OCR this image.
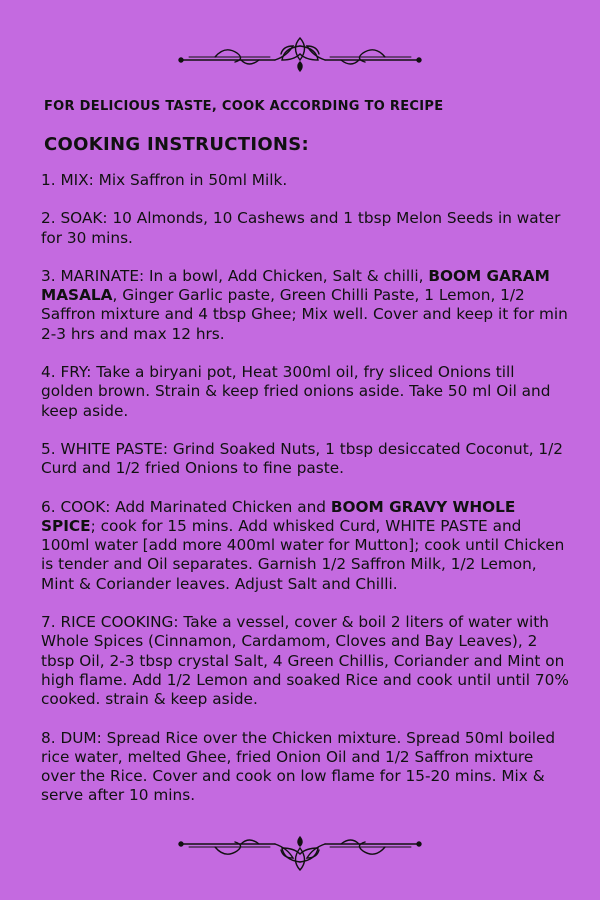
FOR DELICIOUS TASTE, COOK ACCORDING TO RECIPE
COOKING INSTRUCTIONS:

1. MIX: Mix Saffron in 50ml Milk.

2. SOAK: 10 Almonds, 10 Cashews and 1 tbsp Melon Seeds in water for 30 mins.

3. MARINATE: In a bowl, Add Chicken, Salt & chilli, BOOM GARAM MASALA, Ginger Garlic paste, Green Chilli Paste, 1 Lemon, 1/2 Saffron mixture and 4 tbsp Ghee; Mix well. Cover and keep it for min 2-3 hrs and max 12 hrs.

4. FRY: Take a biryani pot, Heat 300ml oil, fry sliced Onions till golden brown. Strain & keep fried onions aside. Take 50 ml Oil and keep aside.

5. WHITE PASTE: Grind Soaked Nuts, 1 tbsp desiccated Coconut, 1/2 Curd and 1/2 fried Onions to fine paste.

6. COOK: Add Marinated Chicken and BOOM GRAVY WHOLE SPICE; cook for 15 mins. Add whisked Curd, WHITE PASTE and 100ml water [add more 400ml water for Mutton]; cook until Chicken is tender and Oil separates. Garnish 1/2 Saffron Milk, 1/2 Lemon, Mint & Coriander leaves. Adjust Salt and Chilli.

7. RICE COOKING: Take a vessel, cover & boil 2 liters of water with Whole Spices (Cinnamon, Cardamom, Cloves and Bay Leaves), 2 tbsp Oil, 2-3 tbsp crystal Salt, 4 Green Chillis, Coriander and Mint on high flame. Add 1/2 Lemon and soaked Rice and cook until until 70% cooked. strain & keep aside.

8. DUM: Spread Rice over the Chicken mixture. Spread 50ml boiled rice water, melted Ghee, fried Onion Oil and 1/2 Saffron mixture over the Rice. Cover and cook on low flame for 15-20 mins. Mix & serve after 10 mins.
